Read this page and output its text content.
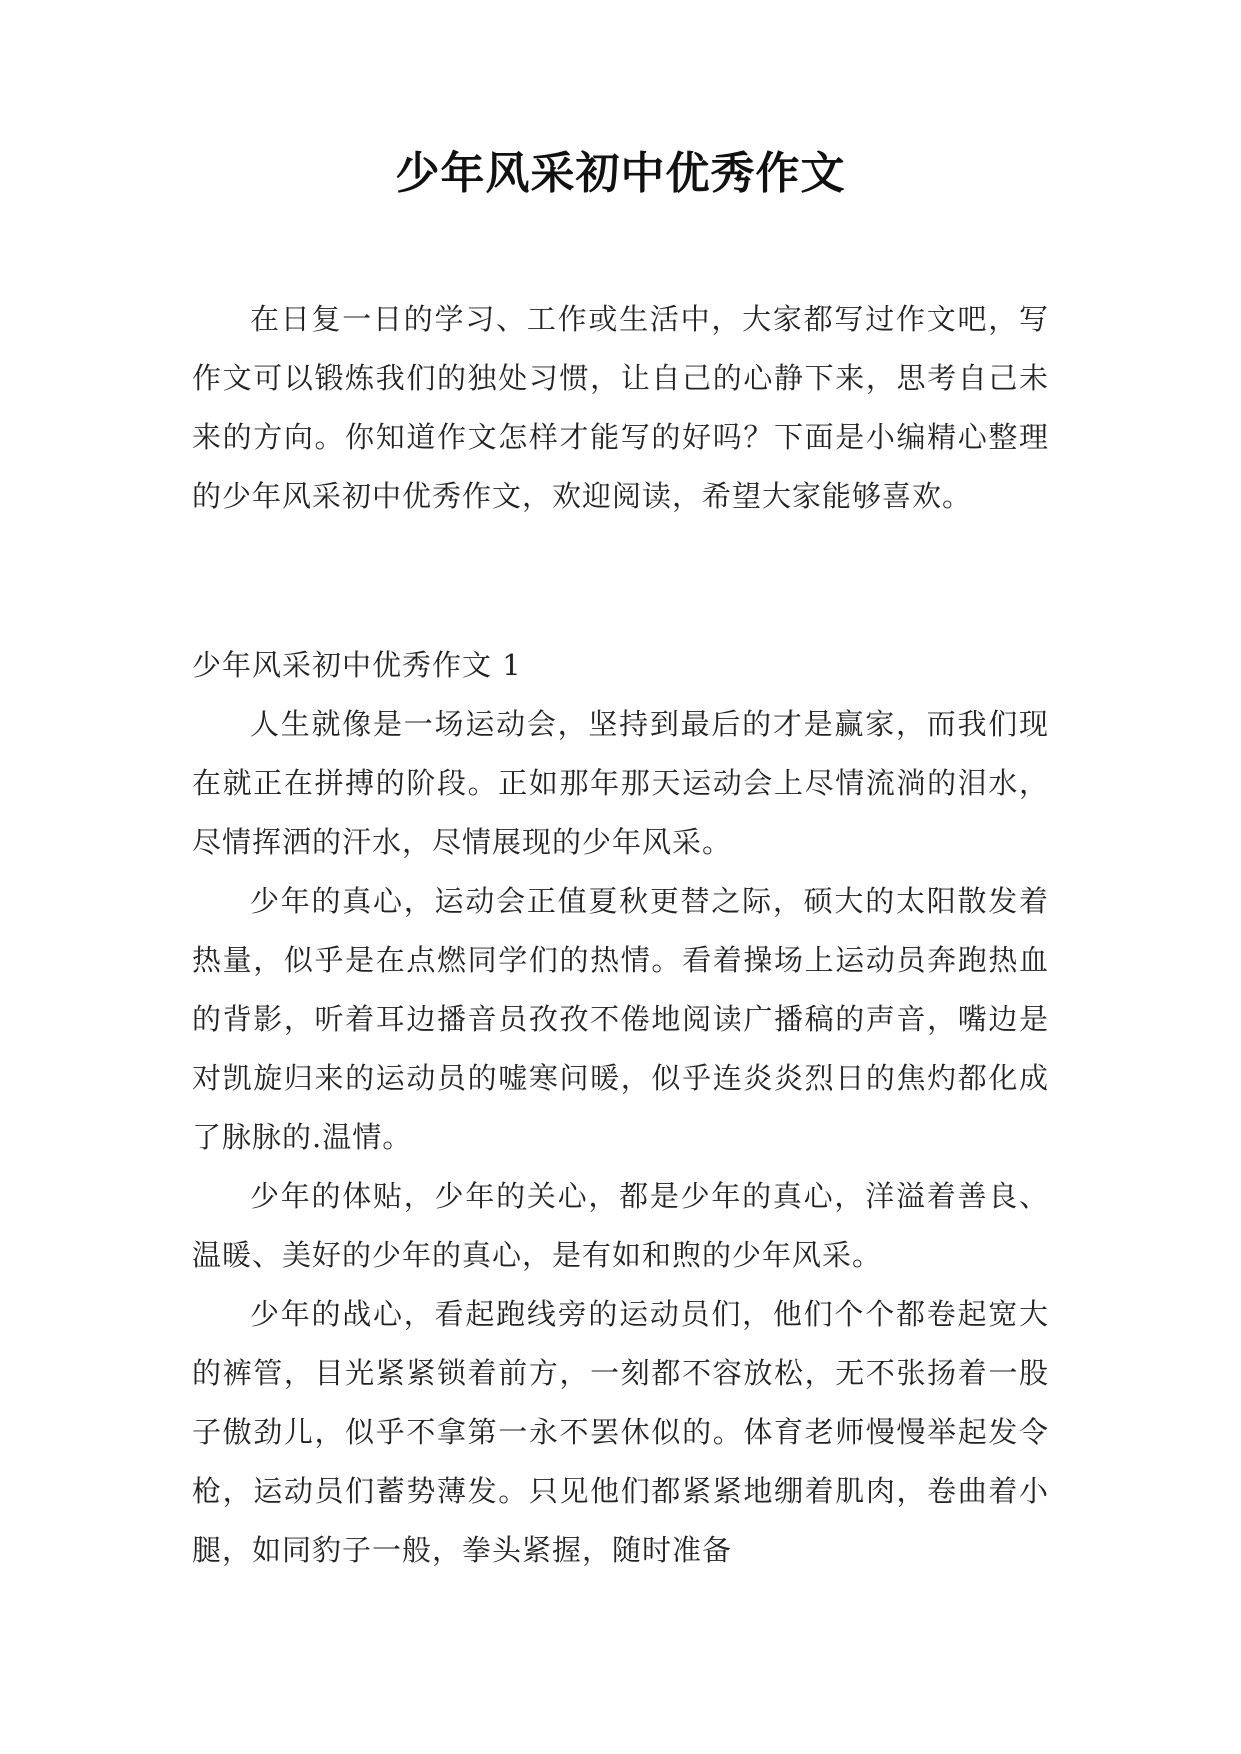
少年风采初中优秀作文

在日复一日的学习、工作或生活中，大家都写过作文吧，写作文可以锻炼我们的独处习惯，让自己的心静下来，思考自己未来的方向。你知道作文怎样才能写的好吗？下面是小编精心整理的少年风采初中优秀作文，欢迎阅读，希望大家能够喜欢。

少年风采初中优秀作文 1

人生就像是一场运动会，坚持到最后的才是赢家，而我们现在就正在拼搏的阶段。正如那年那天运动会上尽情流淌的泪水，尽情挥洒的汗水，尽情展现的少年风采。

少年的真心，运动会正值夏秋更替之际，硕大的太阳散发着热量，似乎是在点燃同学们的热情。看着操场上运动员奔跑热血的背影，听着耳边播音员孜孜不倦地阅读广播稿的声音，嘴边是对凯旋归来的运动员的嘘寒问暖，似乎连炎炎烈日的焦灼都化成了脉脉的.温情。

少年的体贴，少年的关心，都是少年的真心，洋溢着善良、温暖、美好的少年的真心，是有如和煦的少年风采。

少年的战心，看起跑线旁的运动员们，他们个个都卷起宽大的裤管，目光紧紧锁着前方，一刻都不容放松，无不张扬着一股子傲劲儿，似乎不拿第一永不罢休似的。体育老师慢慢举起发令枪，运动员们蓄势薄发。只见他们都紧紧地绷着肌肉，卷曲着小腿，如同豹子一般，拳头紧握，随时准备
